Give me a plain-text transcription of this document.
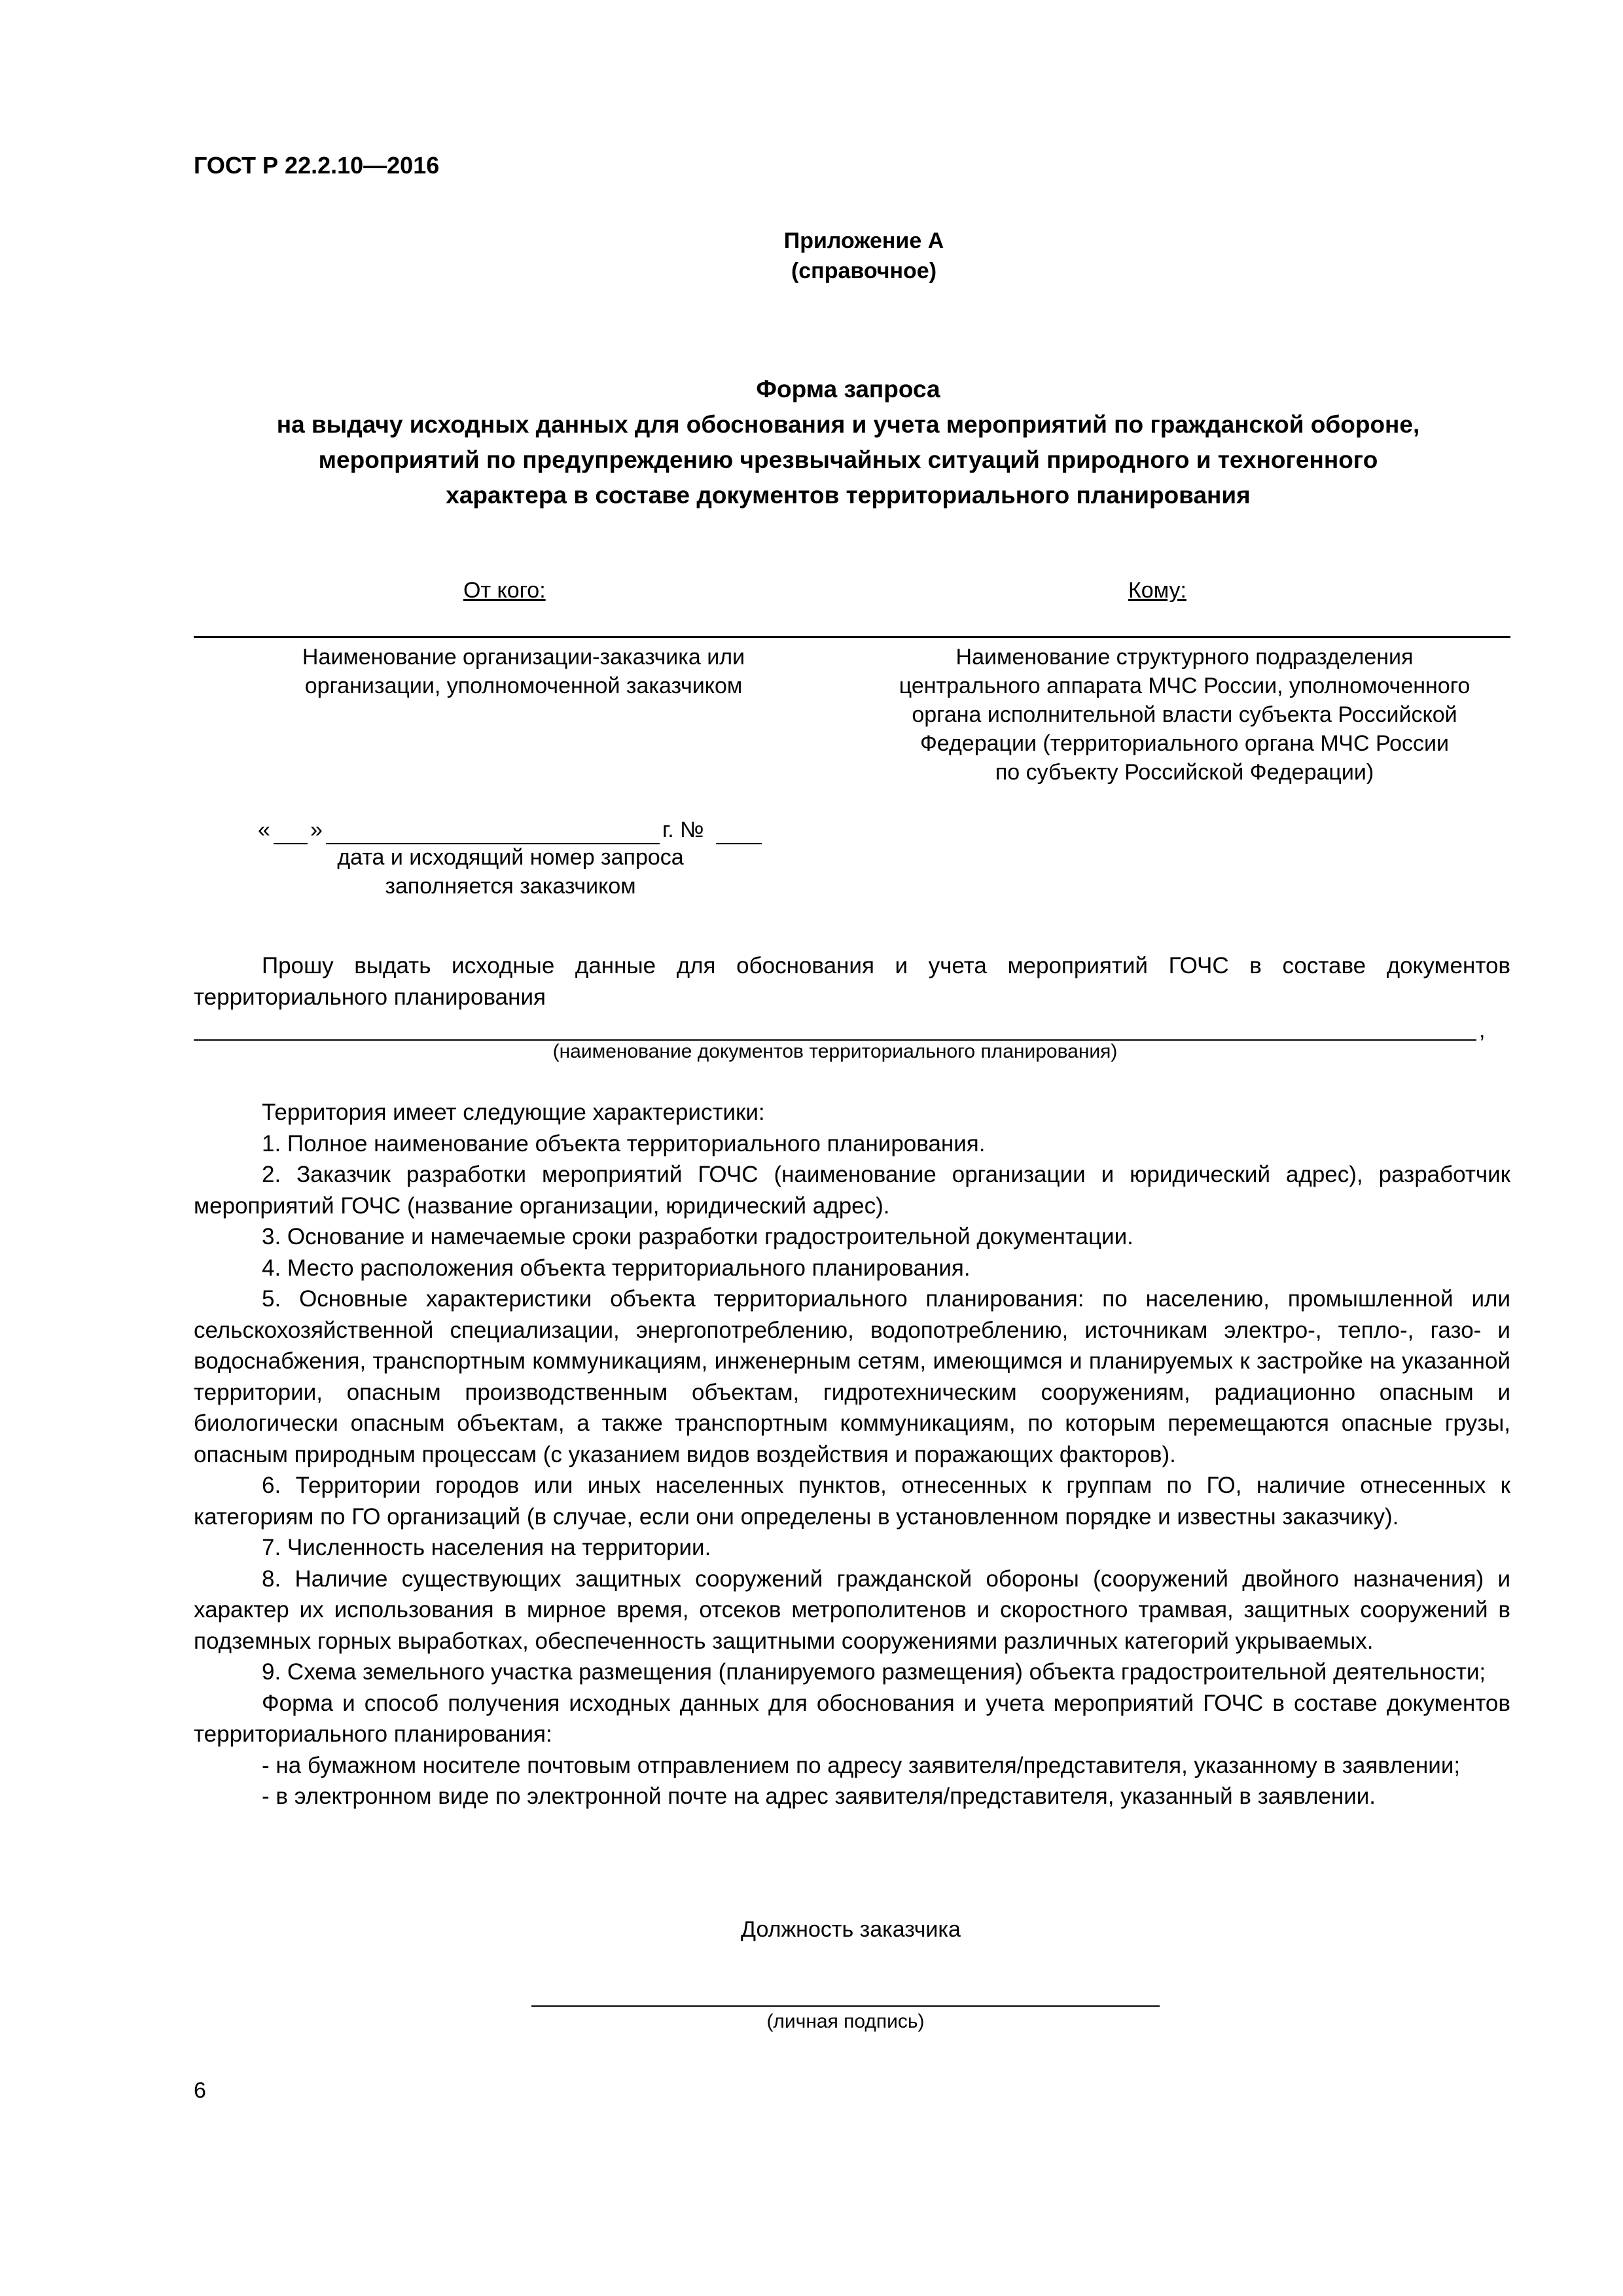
ГОСТ Р 22.2.10—2016
Приложение А
(справочное)
Форма запроса
на выдачу исходных данных для обоснования и учета мероприятий по гражданской обороне,
мероприятий по предупреждению чрезвычайных ситуаций природного и техногенного
характера в составе документов территориального планирования
От кого:	Кому:
Наименование организации-заказчика или
организации, уполномоченной заказчиком
Наименование структурного подразделения
центрального аппарата МЧС России, уполномоченного
органа исполнительной власти субъекта Российской
Федерации (территориального органа МЧС России
по субъекту Российской Федерации)
« »	г. №
дата и исходящий номер запроса
заполняется заказчиком

Прошу выдать исходные данные для обоснования и учета мероприятий ГОЧС в составе документов территориального планирования

,
(наименование документов территориального планирования)

Территория имеет следующие характеристики:

1. Полное наименование объекта территориального планирования.

2. Заказчик разработки мероприятий ГОЧС (наименование организации и юридический адрес), разработчик мероприятий ГОЧС (название организации, юридический адрес).

3. Основание и намечаемые сроки разработки градостроительной документации.

4. Место расположения объекта территориального планирования.

5. Основные характеристики объекта территориального планирования: по населению, промышленной или сельскохозяйственной специализации, энергопотреблению, водопотреблению, источникам электро-, тепло-, газо- и водоснабжения, транспортным коммуникациям, инженерным сетям, имеющимся и планируемых к застройке на указанной территории, опасным производственным объектам, гидротехническим сооружениям, радиационно опасным и биологически опасным объектам, а также транспортным коммуникациям, по которым перемещаются опасные грузы, опасным природным процессам (с указанием видов воздействия и поражающих факторов).

6. Территории городов или иных населенных пунктов, отнесенных к группам по ГО, наличие отнесенных к категориям по ГО организаций (в случае, если они определены в установленном порядке и известны заказчику).

7. Численность населения на территории.

8. Наличие существующих защитных сооружений гражданской обороны (сооружений двойного назначения) и характер их использования в мирное время, отсеков метрополитенов и скоростного трамвая, защитных сооружений в подземных горных выработках, обеспеченность защитными сооружениями различных категорий укрываемых.

9. Схема земельного участка размещения (планируемого размещения) объекта градостроительной деятельности;

Форма и способ получения исходных данных для обоснования и учета мероприятий ГОЧС в составе документов территориального планирования:

- на бумажном носителе почтовым отправлением по адресу заявителя/представителя, указанному в заявлении;

- в электронном виде по электронной почте на адрес заявителя/представителя, указанный в заявлении.

Должность заказчика
(личная подпись)
6
